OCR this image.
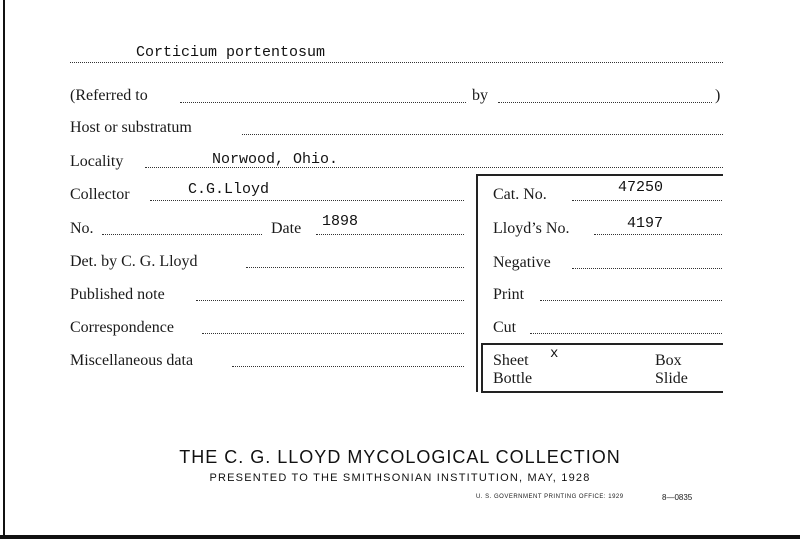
Corticium portentosum
(Referred to	by	)
Host or substratum
Locality	Norwood, Ohio.
Collector	C.G.Lloyd	Cat. No.	47250
No.	Date 1898	Lloyd’s No.	4197
Det. by C. G. Lloyd	Negative
Published note	Print
Correspondence	Cut
Miscellaneous data	Sheet x	Box
Bottle	Slide
THE C. G. LLOYD MYCOLOGICAL COLLECTION
PRESENTED TO THE SMITHSONIAN INSTITUTION, MAY, 1928
U. S. GOVERNMENT PRINTING OFFICE: 1929	8—0835
